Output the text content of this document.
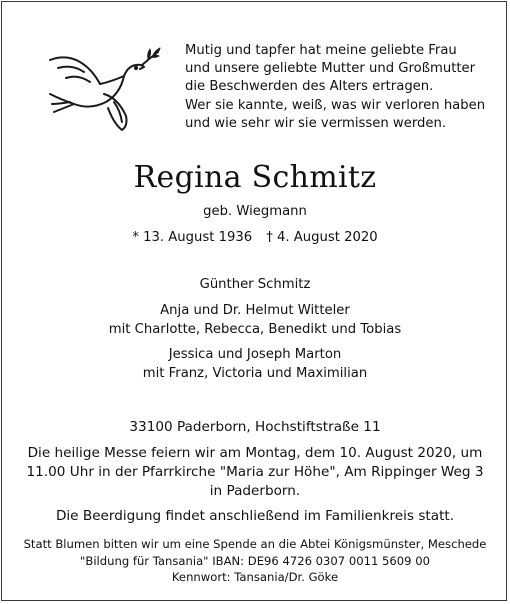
Mutig und tapfer hat meine geliebte Frau
und unsere geliebte Mutter und Großmutter
die Beschwerden des Alters ertragen.
Wer sie kannte, weiß, was wir verloren haben
und wie sehr wir sie vermissen werden.
Regina Schmitz
geb. Wiegmann
* 13. August 1936 † 4. August 2020
Günther Schmitz
Anja und Dr. Helmut Witteler
mit Charlotte, Rebecca, Benedikt und Tobias
Jessica und Joseph Marton
mit Franz, Victoria und Maximilian
33100 Paderborn, Hochstiftstraße 11
Die heilige Messe feiern wir am Montag, dem 10. August 2020, um
11.00 Uhr in der Pfarrkirche "Maria zur Höhe", Am Rippinger Weg 3
in Paderborn.
Die Beerdigung findet anschließend im Familienkreis statt.
Statt Blumen bitten wir um eine Spende an die Abtei Königsmünster, Meschede
"Bildung für Tansania" IBAN: DE96 4726 0307 0011 5609 00
Kennwort: Tansania/Dr. Göke
